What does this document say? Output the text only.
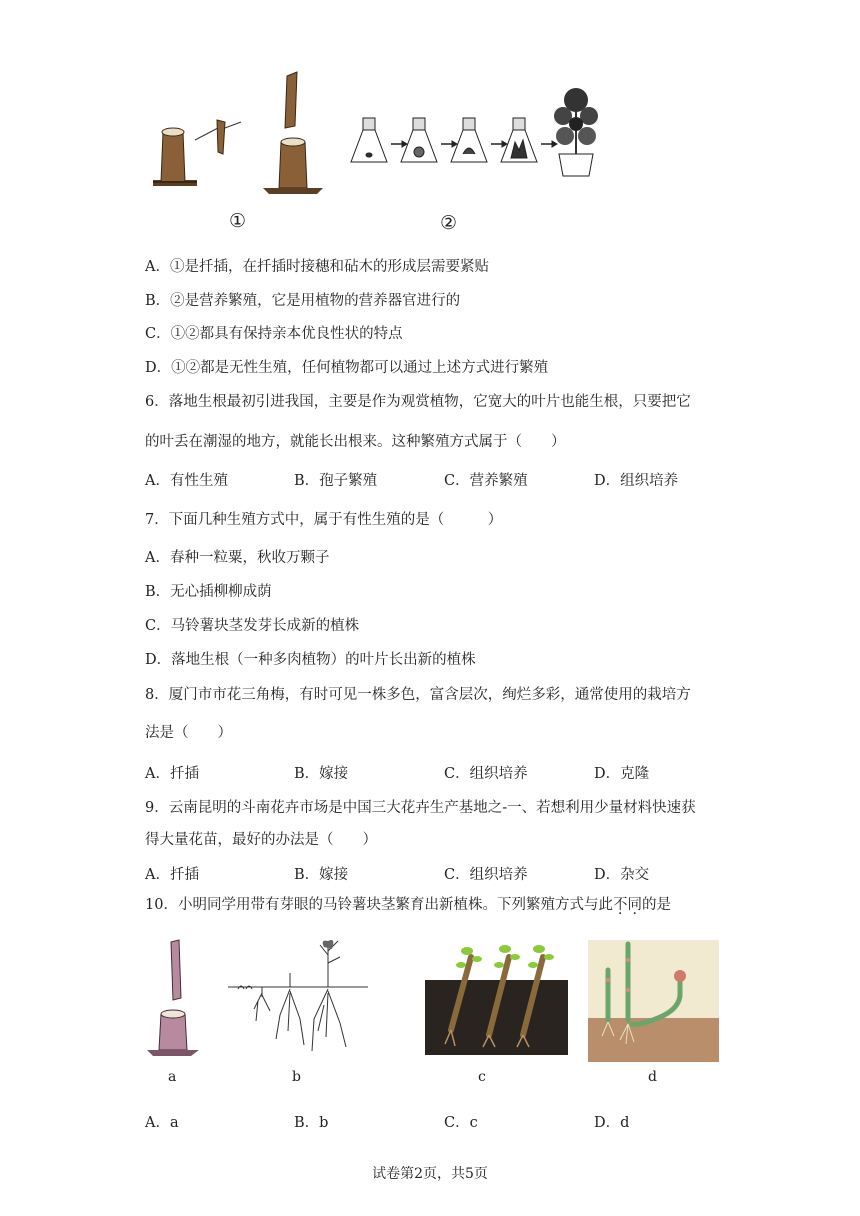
①	②
A．①是扦插，在扦插时接穗和砧木的形成层需要紧贴
B．②是营养繁殖，它是用植物的营养器官进行的
C．①②都具有保持亲本优良性状的特点
D．①②都是无性生殖，任何植物都可以通过上述方式进行繁殖
6．落地生根最初引进我国，主要是作为观赏植物，它宽大的叶片也能生根，只要把它
的叶丢在潮湿的地方，就能长出根来。这种繁殖方式属于（　　）
A．有性生殖	B．孢子繁殖	C．营养繁殖	D．组织培养
7．下面几种生殖方式中，属于有性生殖的是（　　　）
A．春种一粒粟，秋收万颗子
B．无心插柳柳成荫
C．马铃薯块茎发芽长成新的植株
D．落地生根（一种多肉植物）的叶片长出新的植株
8．厦门市市花三角梅，有时可见一株多色，富含层次，绚烂多彩，通常使用的栽培方
法是（　　）
A．扦插	B．嫁接	C．组织培养	D．克隆
9．云南昆明的斗南花卉市场是中国三大花卉生产基地之-一、若想利用少量材料快速获
得大量花苗，最好的办法是（　　）
A．扦插	B．嫁接	C．组织培养	D．杂交
10．小明同学用带有芽眼的马铃薯块茎繁育出新植株。下列繁殖方式与此不同的是
a	b	c	d
A．a	B．b	C．c	D．d
试卷第2页，共5页
